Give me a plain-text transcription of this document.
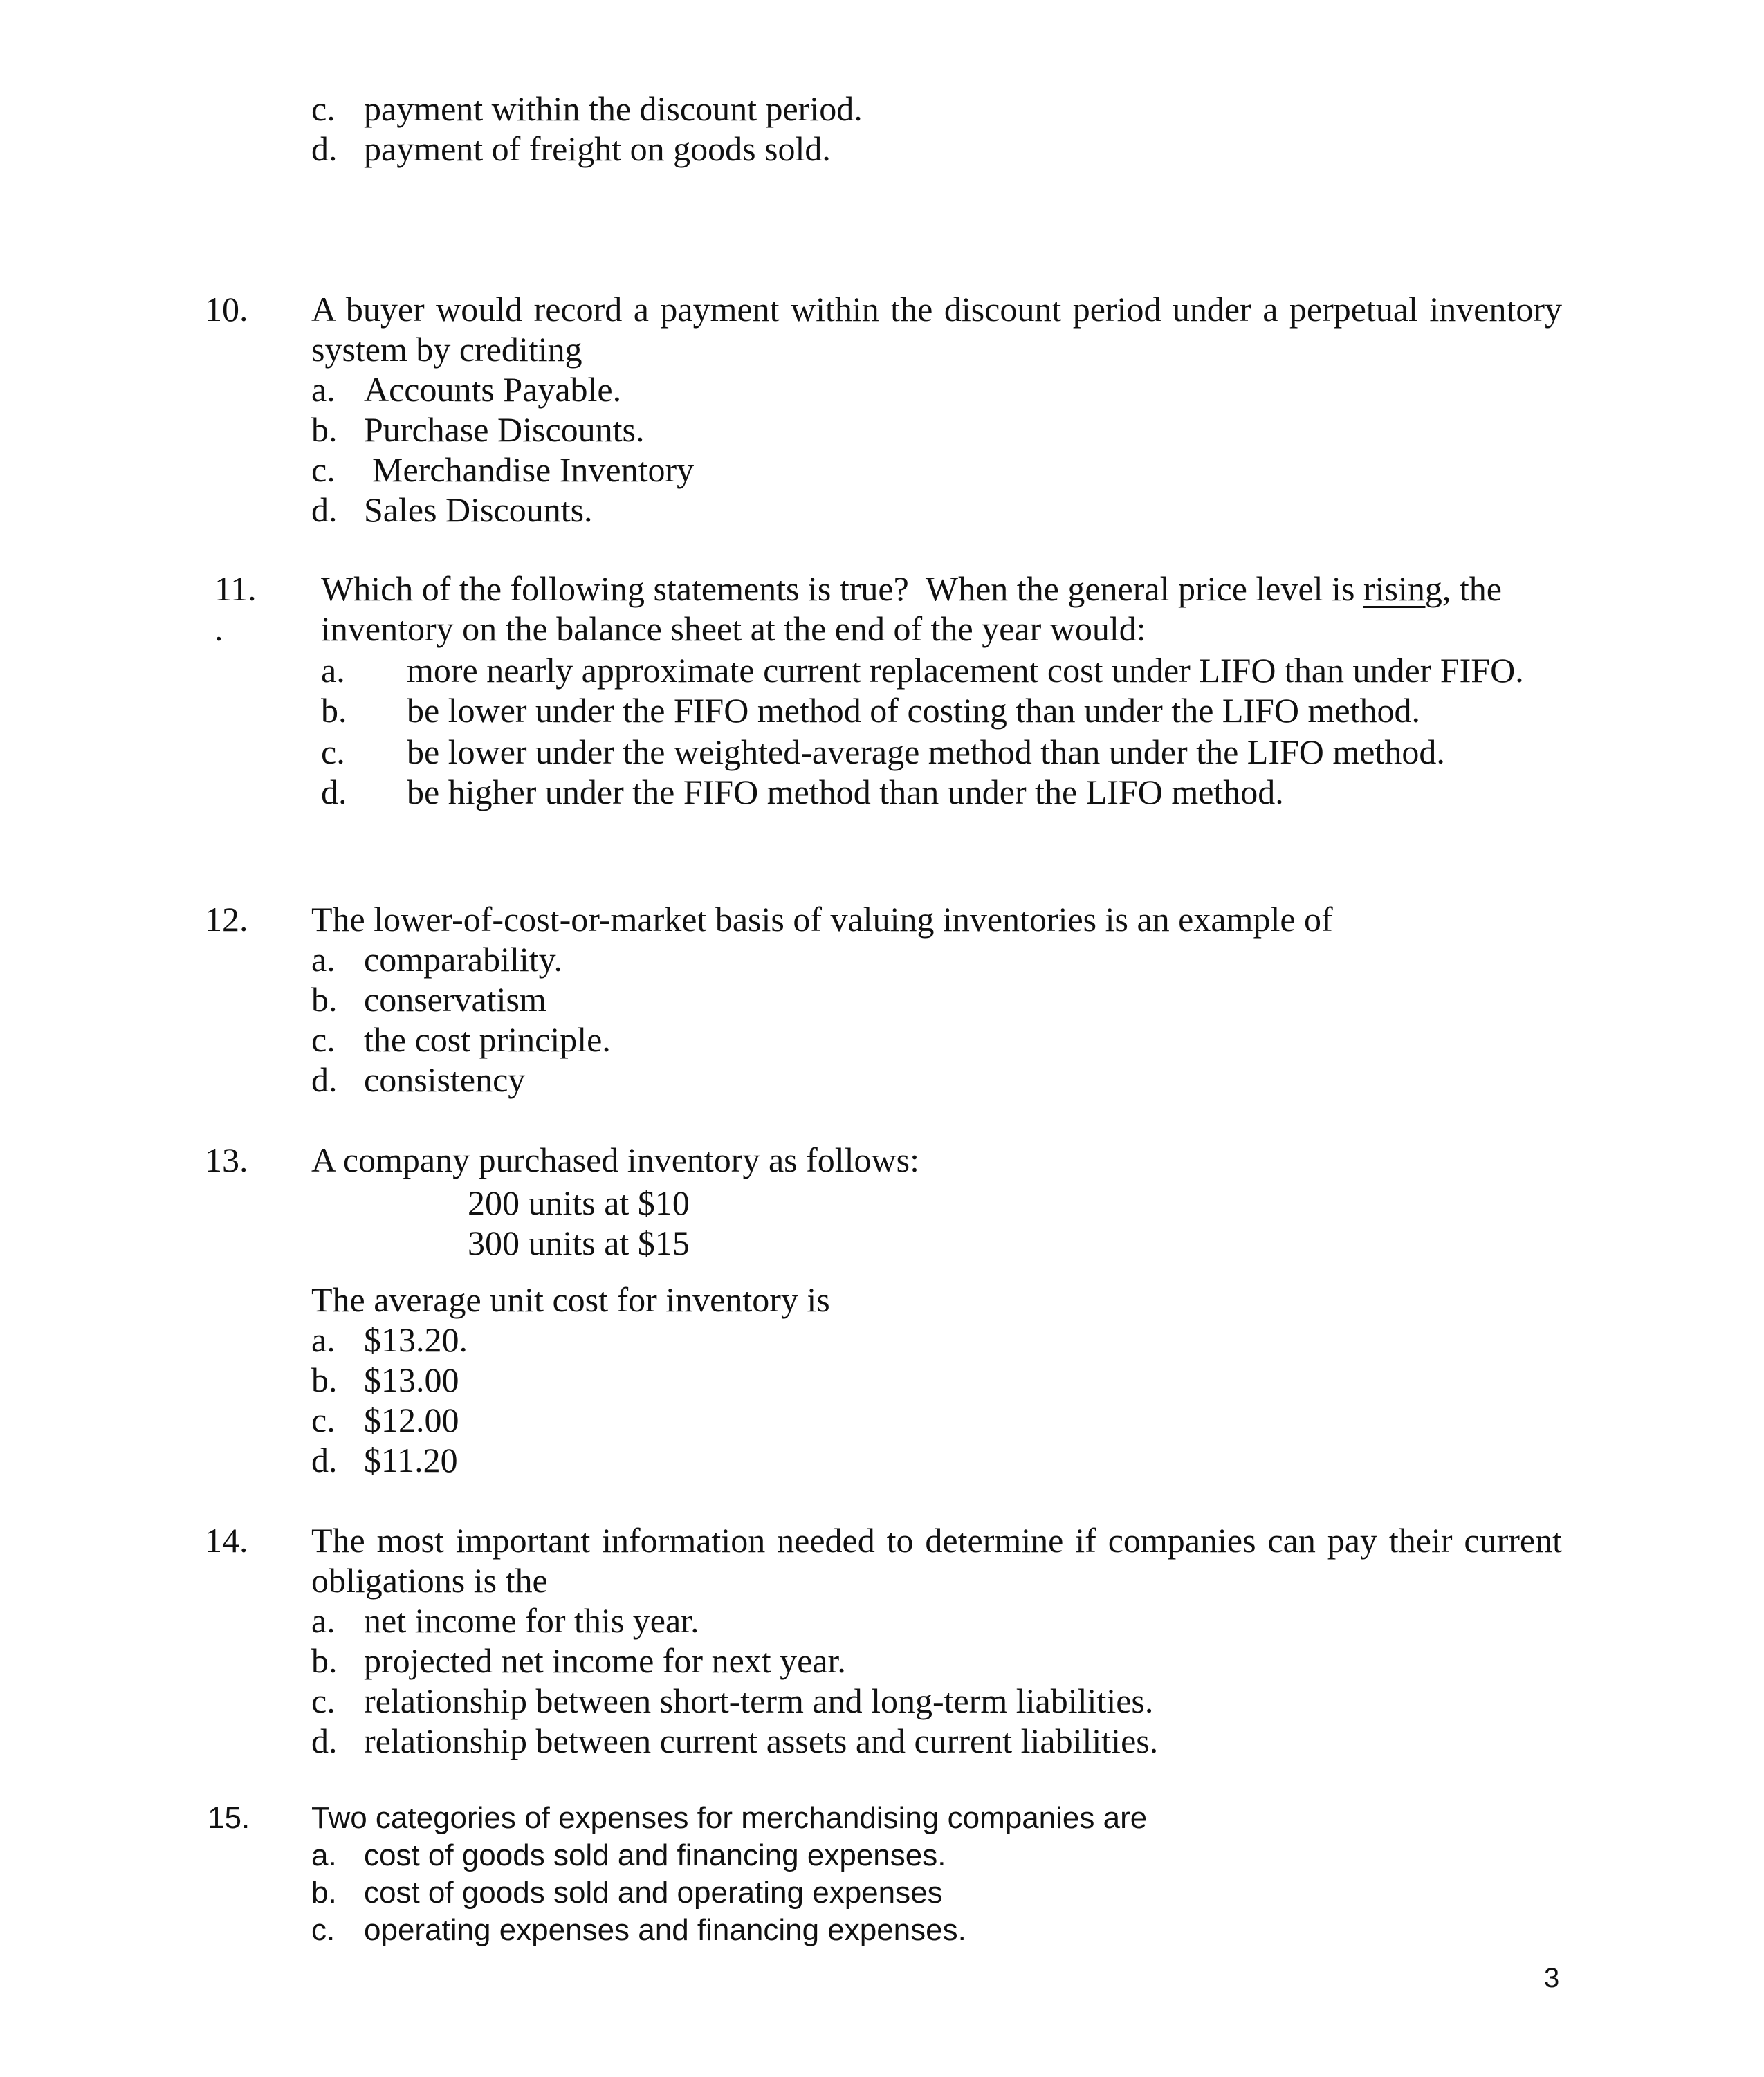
c. payment within the discount period.
d. payment of freight on goods sold.
10. A buyer would record a payment within the discount period under a perpetual inventory system by crediting
a. Accounts Payable.
b. Purchase Discounts.
c. Merchandise Inventory
d. Sales Discounts.
11.
.
Which of the following statements is true?  When the general price level is rising, the
inventory on the balance sheet at the end of the year would:
a. more nearly approximate current replacement cost under LIFO than under FIFO.
b. be lower under the FIFO method of costing than under the LIFO method.
c. be lower under the weighted-average method than under the LIFO method.
d. be higher under the FIFO method than under the LIFO method.
12. The lower-of-cost-or-market basis of valuing inventories is an example of
a. comparability.
b. conservatism
c. the cost principle.
d. consistency
13. A company purchased inventory as follows:
200 units at $10
300 units at $15
The average unit cost for inventory is
a. $13.20.
b. $13.00
c. $12.00
d. $11.20
14. The most important information needed to determine if companies can pay their current obligations is the
a. net income for this year.
b. projected net income for next year.
c. relationship between short-term and long-term liabilities.
d. relationship between current assets and current liabilities.
15. Two categories of expenses for merchandising companies are
a. cost of goods sold and financing expenses.
b. cost of goods sold and operating expenses
c. operating expenses and financing expenses.
3
